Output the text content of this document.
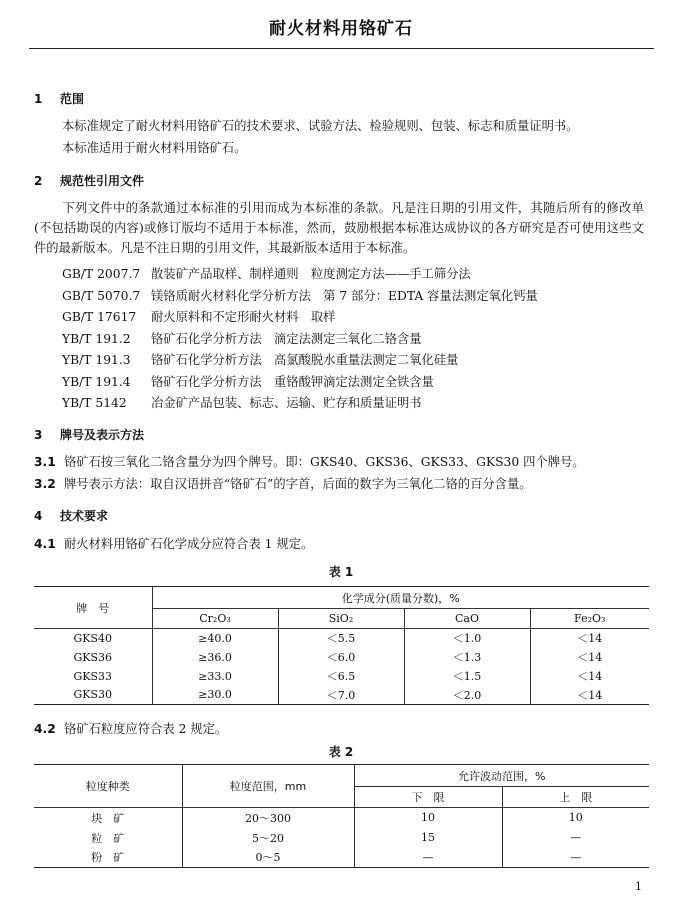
耐火材料用铬矿石
1 范围
本标准规定了耐火材料用铬矿石的技术要求、试验方法、检验规则、包装、标志和质量证明书。
本标准适用于耐火材料用铬矿石。
2 规范性引用文件
下列文件中的条款通过本标准的引用而成为本标准的条款。凡是注日期的引用文件，其随后所有的修改单(不包括勘误的内容)或修订版均不适用于本标准，然而，鼓励根据本标准达成协议的各方研究是否可使用这些文件的最新版本。凡是不注日期的引用文件，其最新版本适用于本标准。
GB/T 2007.7 散装矿产品取样、制样通则　粒度测定方法——手工筛分法
GB/T 5070.7 镁铬质耐火材料化学分析方法　第 7 部分：EDTA 容量法测定氧化钙量
GB/T 17617 耐火原料和不定形耐火材料　取样
YB/T 191.2 铬矿石化学分析方法　滴定法测定三氧化二铬含量
YB/T 191.3 铬矿石化学分析方法　高氯酸脱水重量法测定二氧化硅量
YB/T 191.4 铬矿石化学分析方法　重铬酸钾滴定法测定全铁含量
YB/T 5142 冶金矿产品包装、标志、运输、贮存和质量证明书
3 牌号及表示方法
3.1 铬矿石按三氧化二铬含量分为四个牌号。即：GKS40、GKS36、GKS33、GKS30 四个牌号。
3.2 牌号表示方法：取自汉语拼音“铬矿石”的字首，后面的数字为三氧化二铬的百分含量。
4 技术要求
4.1 耐火材料用铬矿石化学成分应符合表 1 规定。
表 1
牌　号	化学成分(质量分数)，%			
	Cr₂O₃	SiO₂	CaO	Fe₂O₃
GKS40	≥40.0	＜5.5	＜1.0	＜14
GKS36	≥36.0	＜6.0	＜1.3	＜14
GKS33	≥33.0	＜6.5	＜1.5	＜14
GKS30	≥30.0	＜7.0	＜2.0	＜14
4.2 铬矿石粒度应符合表 2 规定。
表 2
粒度种类	粒度范围，mm	允许波动范围，%	
		下　限	上　限
块　矿	20～300	10	10
粒　矿	5～20	15	—
粉　矿	0～5	—	—
1
